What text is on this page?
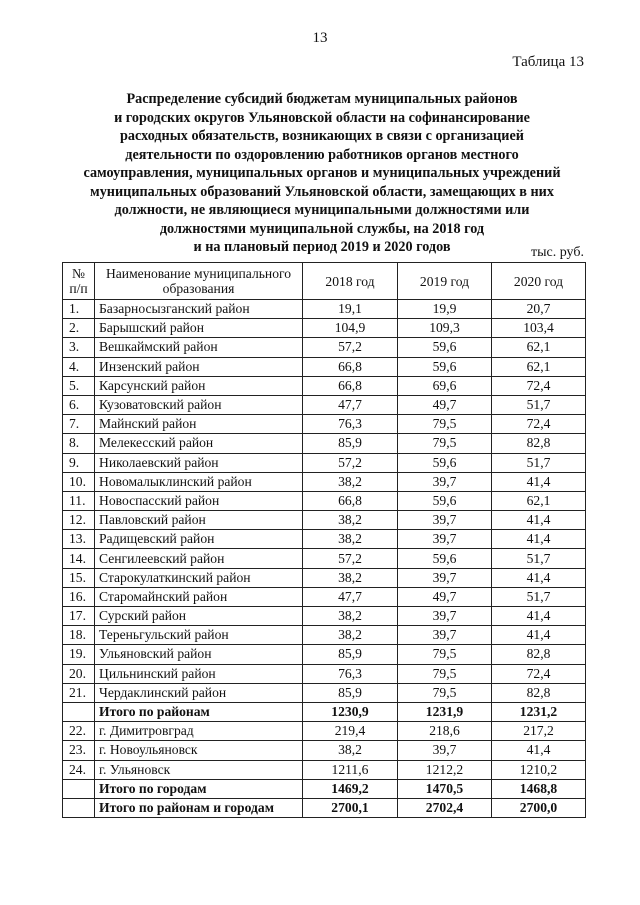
13
Таблица 13
Распределение субсидий бюджетам муниципальных районов
и городских округов Ульяновской области на софинансирование
расходных обязательств, возникающих в связи с организацией
деятельности по оздоровлению работников органов местного
самоуправления, муниципальных органов и муниципальных учреждений
муниципальных образований Ульяновской области, замещающих в них
должности, не являющиеся муниципальными должностями или
должностями муниципальной службы, на 2018 год
и на плановый период 2019 и 2020 годов	тыс. руб.
№ п/п	Наименование муниципального образования	2018 год	2019 год	2020 год
1.	Базарносызганский район	19,1	19,9	20,7
2.	Барышский район	104,9	109,3	103,4
3.	Вешкаймский район	57,2	59,6	62,1
4.	Инзенский район	66,8	59,6	62,1
5.	Карсунский район	66,8	69,6	72,4
6.	Кузоватовский район	47,7	49,7	51,7
7.	Майнский район	76,3	79,5	72,4
8.	Мелекесский район	85,9	79,5	82,8
9.	Николаевский район	57,2	59,6	51,7
10.	Новомалыклинский район	38,2	39,7	41,4
11.	Новоспасский район	66,8	59,6	62,1
12.	Павловский район	38,2	39,7	41,4
13.	Радищевский район	38,2	39,7	41,4
14.	Сенгилеевский район	57,2	59,6	51,7
15.	Старокулаткинский район	38,2	39,7	41,4
16.	Старомайнский район	47,7	49,7	51,7
17.	Сурский район	38,2	39,7	41,4
18.	Тереньгульский район	38,2	39,7	41,4
19.	Ульяновский район	85,9	79,5	82,8
20.	Цильнинский район	76,3	79,5	72,4
21.	Чердаклинский район	85,9	79,5	82,8
	Итого по районам	1230,9	1231,9	1231,2
22.	г. Димитровград	219,4	218,6	217,2
23.	г. Новоульяновск	38,2	39,7	41,4
24.	г. Ульяновск	1211,6	1212,2	1210,2
	Итого по городам	1469,2	1470,5	1468,8
	Итого по районам и городам	2700,1	2702,4	2700,0
